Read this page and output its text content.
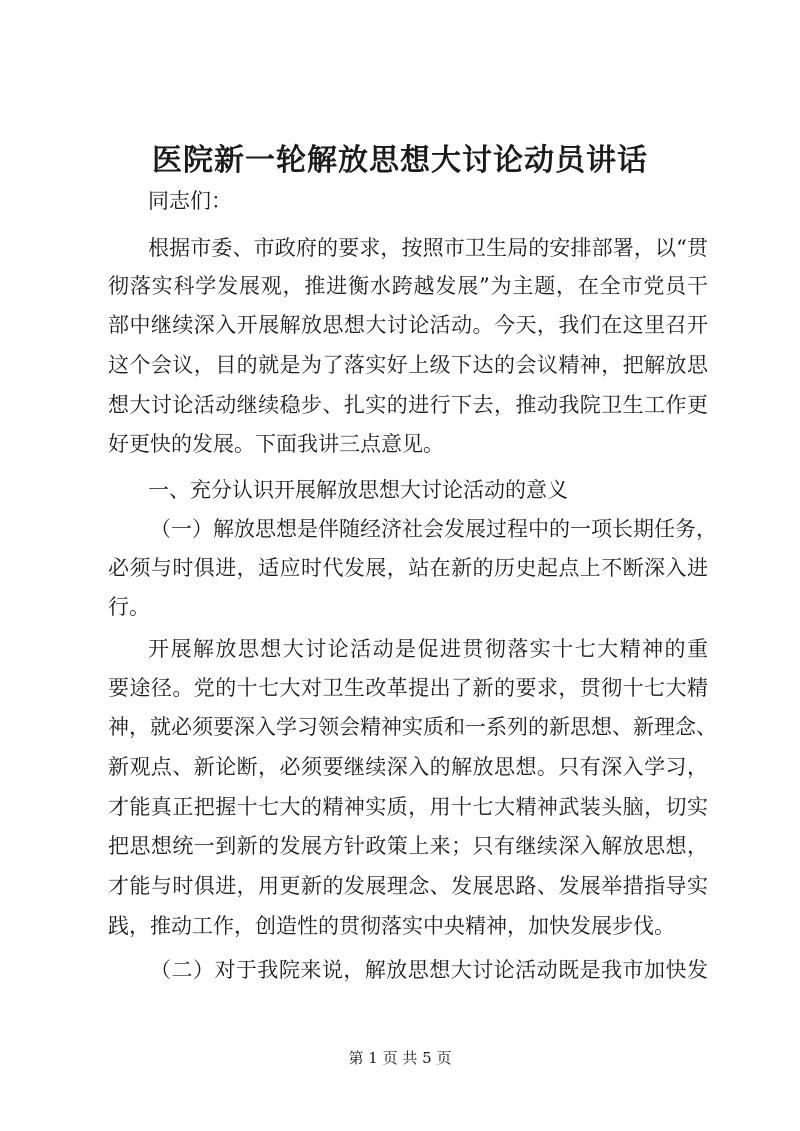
医院新一轮解放思想大讨论动员讲话
同志们：
根据市委、市政府的要求，按照市卫生局的安排部署，以“贯
彻落实科学发展观，推进衡水跨越发展”为主题，在全市党员干
部中继续深入开展解放思想大讨论活动。今天，我们在这里召开
这个会议，目的就是为了落实好上级下达的会议精神，把解放思
想大讨论活动继续稳步、扎实的进行下去，推动我院卫生工作更
好更快的发展。下面我讲三点意见。
一、充分认识开展解放思想大讨论活动的意义
（一）解放思想是伴随经济社会发展过程中的一项长期任务，
必须与时俱进，适应时代发展，站在新的历史起点上不断深入进
行。
开展解放思想大讨论活动是促进贯彻落实十七大精神的重
要途径。党的十七大对卫生改革提出了新的要求，贯彻十七大精
神，就必须要深入学习领会精神实质和一系列的新思想、新理念、
新观点、新论断，必须要继续深入的解放思想。只有深入学习，
才能真正把握十七大的精神实质，用十七大精神武装头脑，切实
把思想统一到新的发展方针政策上来；只有继续深入解放思想，
才能与时俱进，用更新的发展理念、发展思路、发展举措指导实
践，推动工作，创造性的贯彻落实中央精神，加快发展步伐。
（二）对于我院来说，解放思想大讨论活动既是我市加快发
第 1 页 共 5 页
